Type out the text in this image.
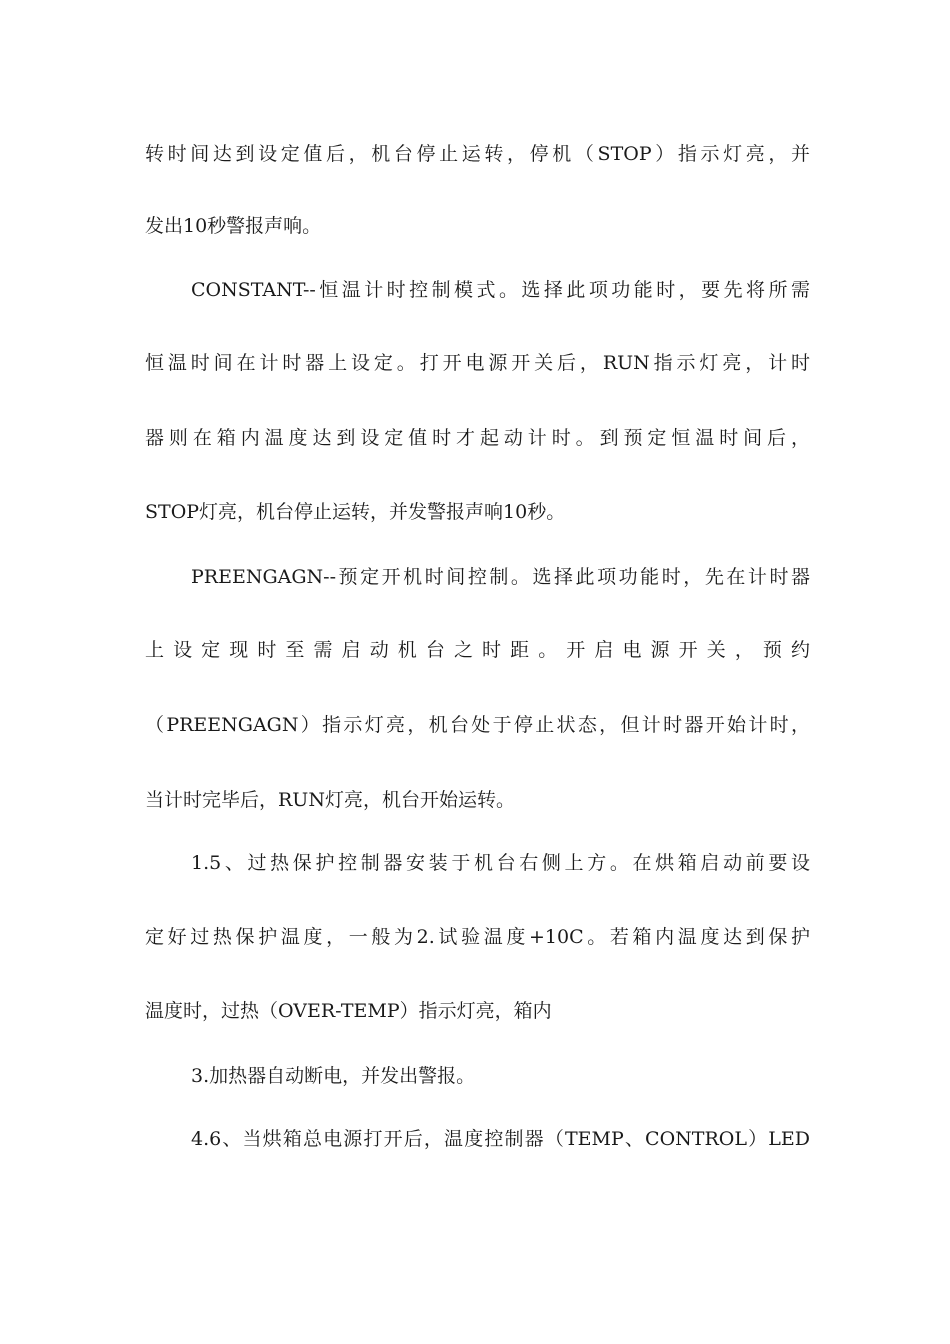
转时间达到设定值后，机台停止运转，停机（STOP）指示灯亮，并

发出10秒警报声响。

CONSTANT--恒温计时控制模式。选择此项功能时，要先将所需

恒温时间在计时器上设定。打开电源开关后，RUN指示灯亮，计时

器则在箱内温度达到设定值时才起动计时。到预定恒温时间后，

STOP灯亮，机台停止运转，并发警报声响10秒。

PREENGAGN--预定开机时间控制。选择此项功能时，先在计时器

上设定现时至需启动机台之时距。开启电源开关，预约

（PREENGAGN）指示灯亮，机台处于停止状态，但计时器开始计时，

当计时完毕后，RUN灯亮，机台开始运转。

1.5、过热保护控制器安装于机台右侧上方。在烘箱启动前要设

定好过热保护温度，一般为2.试验温度+10C。若箱内温度达到保护

温度时，过热（OVER-TEMP）指示灯亮，箱内

3.加热器自动断电，并发出警报。

4.6、当烘箱总电源打开后，温度控制器（TEMP、CONTROL）LED
